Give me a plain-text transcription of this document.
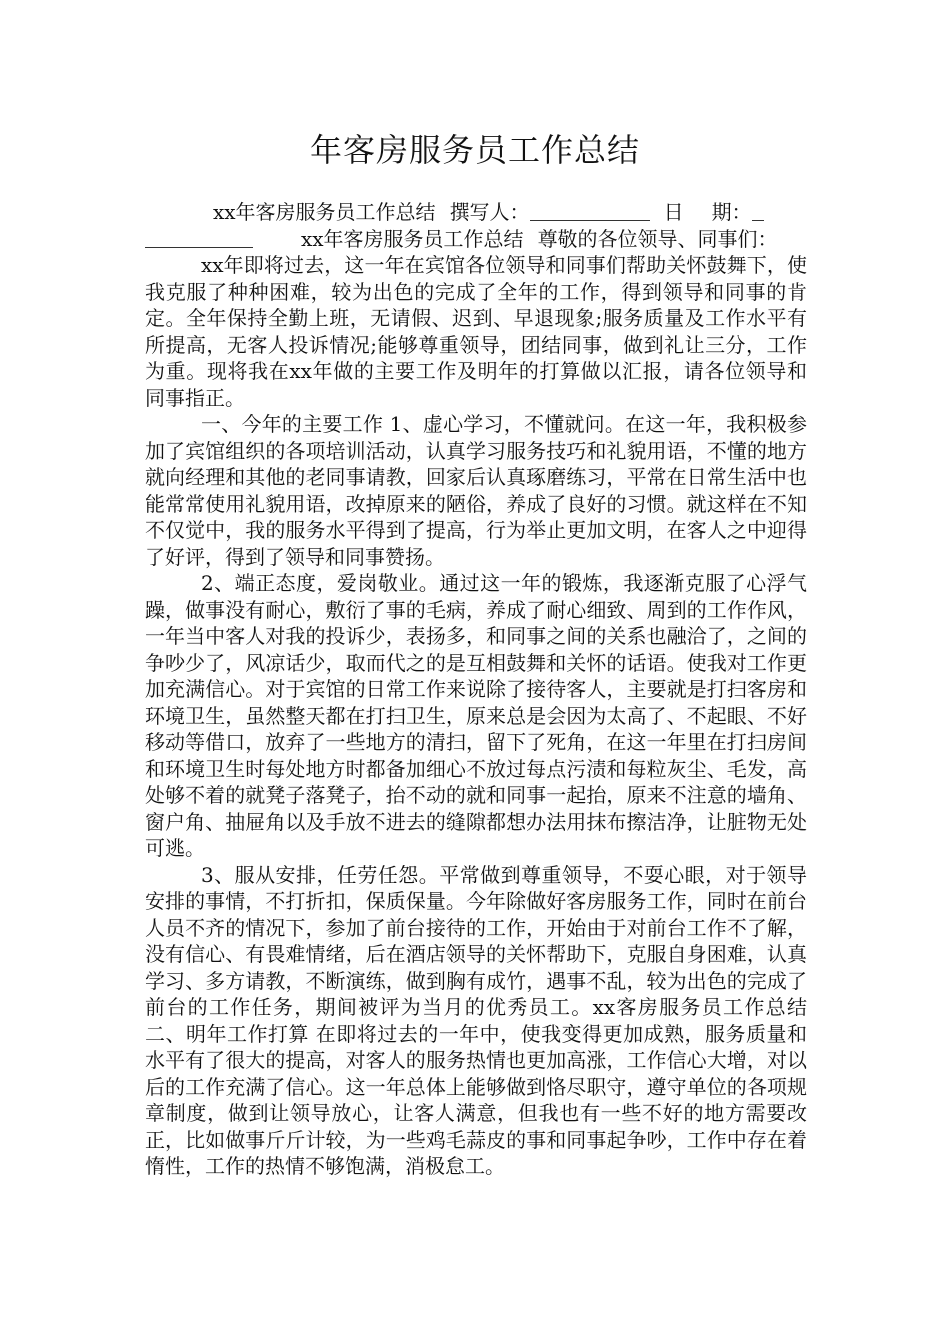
年客房服务员工作总结
xx年客房服务员工作总结 撰写人：	日 期：
xx年客房服务员工作总结 尊敬的各位领导、同事们：

xx年即将过去，这一年在宾馆各位领导和同事们帮助关怀鼓舞下，使我克服了种种困难，较为出色的完成了全年的工作，得到领导和同事的肯定。全年保持全勤上班，无请假、迟到、早退现象;服务质量及工作水平有所提高，无客人投诉情况;能够尊重领导，团结同事，做到礼让三分，工作为重。现将我在xx年做的主要工作及明年的打算做以汇报，请各位领导和同事指正。

一、今年的主要工作 1、虚心学习，不懂就问。在这一年，我积极参加了宾馆组织的各项培训活动，认真学习服务技巧和礼貌用语，不懂的地方就向经理和其他的老同事请教，回家后认真琢磨练习，平常在日常生活中也能常常使用礼貌用语，改掉原来的陋俗，养成了良好的习惯。就这样在不知不仅觉中，我的服务水平得到了提高，行为举止更加文明，在客人之中迎得了好评，得到了领导和同事赞扬。

2、端正态度，爱岗敬业。通过这一年的锻炼，我逐渐克服了心浮气躁，做事没有耐心，敷衍了事的毛病，养成了耐心细致、周到的工作作风，一年当中客人对我的投诉少，表扬多，和同事之间的关系也融洽了，之间的争吵少了，风凉话少，取而代之的是互相鼓舞和关怀的话语。使我对工作更加充满信心。对于宾馆的日常工作来说除了接待客人，主要就是打扫客房和环境卫生，虽然整天都在打扫卫生，原来总是会因为太高了、不起眼、不好移动等借口，放弃了一些地方的清扫，留下了死角，在这一年里在打扫房间和环境卫生时每处地方时都备加细心不放过每点污渍和每粒灰尘、毛发，高处够不着的就凳子落凳子，抬不动的就和同事一起抬，原来不注意的墙角、窗户角、抽屉角以及手放不进去的缝隙都想办法用抹布擦洁净，让脏物无处可逃。

3、服从安排，任劳任怨。平常做到尊重领导，不耍心眼，对于领导安排的事情，不打折扣，保质保量。今年除做好客房服务工作，同时在前台人员不齐的情况下，参加了前台接待的工作，开始由于对前台工作不了解，没有信心、有畏难情绪，后在酒店领导的关怀帮助下，克服自身困难，认真学习、多方请教，不断演练，做到胸有成竹，遇事不乱，较为出色的完成了前台的工作任务，期间被评为当月的优秀员工。xx客房服务员工作总结 二、明年工作打算 在即将过去的一年中，使我变得更加成熟，服务质量和水平有了很大的提高，对客人的服务热情也更加高涨，工作信心大增，对以后的工作充满了信心。这一年总体上能够做到恪尽职守，遵守单位的各项规章制度，做到让领导放心，让客人满意，但我也有一些不好的地方需要改正，比如做事斤斤计较，为一些鸡毛蒜皮的事和同事起争吵，工作中存在着惰性，工作的热情不够饱满，消极怠工。
